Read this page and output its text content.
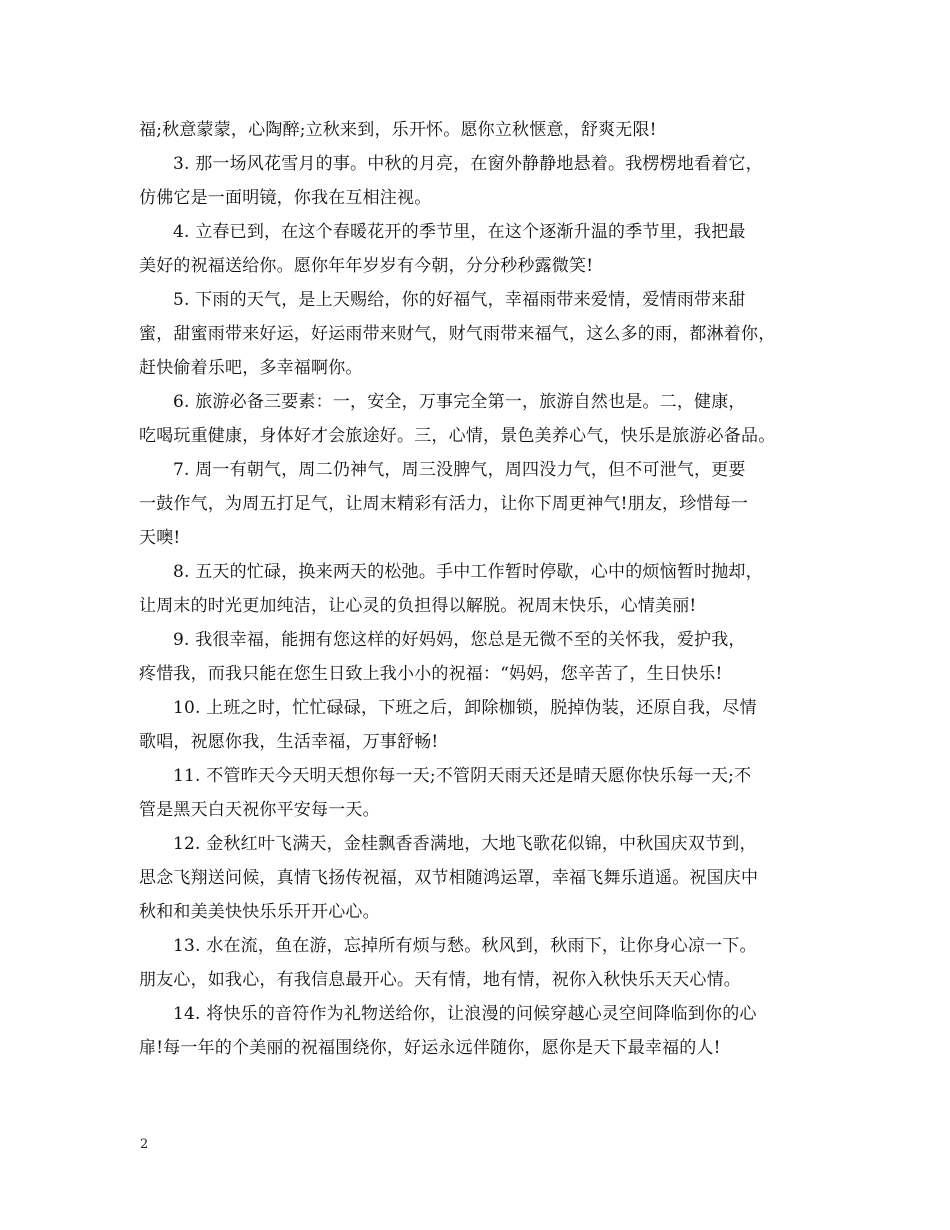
福;秋意蒙蒙，心陶醉;立秋来到，乐开怀。愿你立秋惬意，舒爽无限!
3. 那一场风花雪月的事。中秋的月亮，在窗外静静地悬着。我楞楞地看着它，
仿佛它是一面明镜，你我在互相注视。
4. 立春已到，在这个春暖花开的季节里，在这个逐渐升温的季节里，我把最
美好的祝福送给你。愿你年年岁岁有今朝，分分秒秒露微笑!
5. 下雨的天气，是上天赐给，你的好福气，幸福雨带来爱情，爱情雨带来甜
蜜，甜蜜雨带来好运，好运雨带来财气，财气雨带来福气，这么多的雨，都淋着你，
赶快偷着乐吧，多幸福啊你。
6. 旅游必备三要素：一，安全，万事完全第一，旅游自然也是。二，健康，
吃喝玩重健康，身体好才会旅途好。三，心情，景色美养心气，快乐是旅游必备品。
7. 周一有朝气，周二仍神气，周三没脾气，周四没力气，但不可泄气，更要
一鼓作气，为周五打足气，让周末精彩有活力，让你下周更神气!朋友，珍惜每一
天噢!
8. 五天的忙碌，换来两天的松弛。手中工作暂时停歇，心中的烦恼暂时抛却，
让周末的时光更加纯洁，让心灵的负担得以解脱。祝周末快乐，心情美丽!
9. 我很幸福，能拥有您这样的好妈妈，您总是无微不至的关怀我，爱护我，
疼惜我，而我只能在您生日致上我小小的祝福：“妈妈，您辛苦了，生日快乐!
10. 上班之时，忙忙碌碌，下班之后，卸除枷锁，脱掉伪装，还原自我，尽情
歌唱，祝愿你我，生活幸福，万事舒畅!
11. 不管昨天今天明天想你每一天;不管阴天雨天还是晴天愿你快乐每一天;不
管是黑天白天祝你平安每一天。
12. 金秋红叶飞满天，金桂飘香香满地，大地飞歌花似锦，中秋国庆双节到，
思念飞翔送问候，真情飞扬传祝福，双节相随鸿运罩，幸福飞舞乐逍遥。祝国庆中
秋和和美美快快乐乐开开心心。
13. 水在流，鱼在游，忘掉所有烦与愁。秋风到，秋雨下，让你身心凉一下。
朋友心，如我心，有我信息最开心。天有情，地有情，祝你入秋快乐天天心情。
14. 将快乐的音符作为礼物送给你，让浪漫的问候穿越心灵空间降临到你的心
扉!每一年的个美丽的祝福围绕你，好运永远伴随你，愿你是天下最幸福的人!
2
